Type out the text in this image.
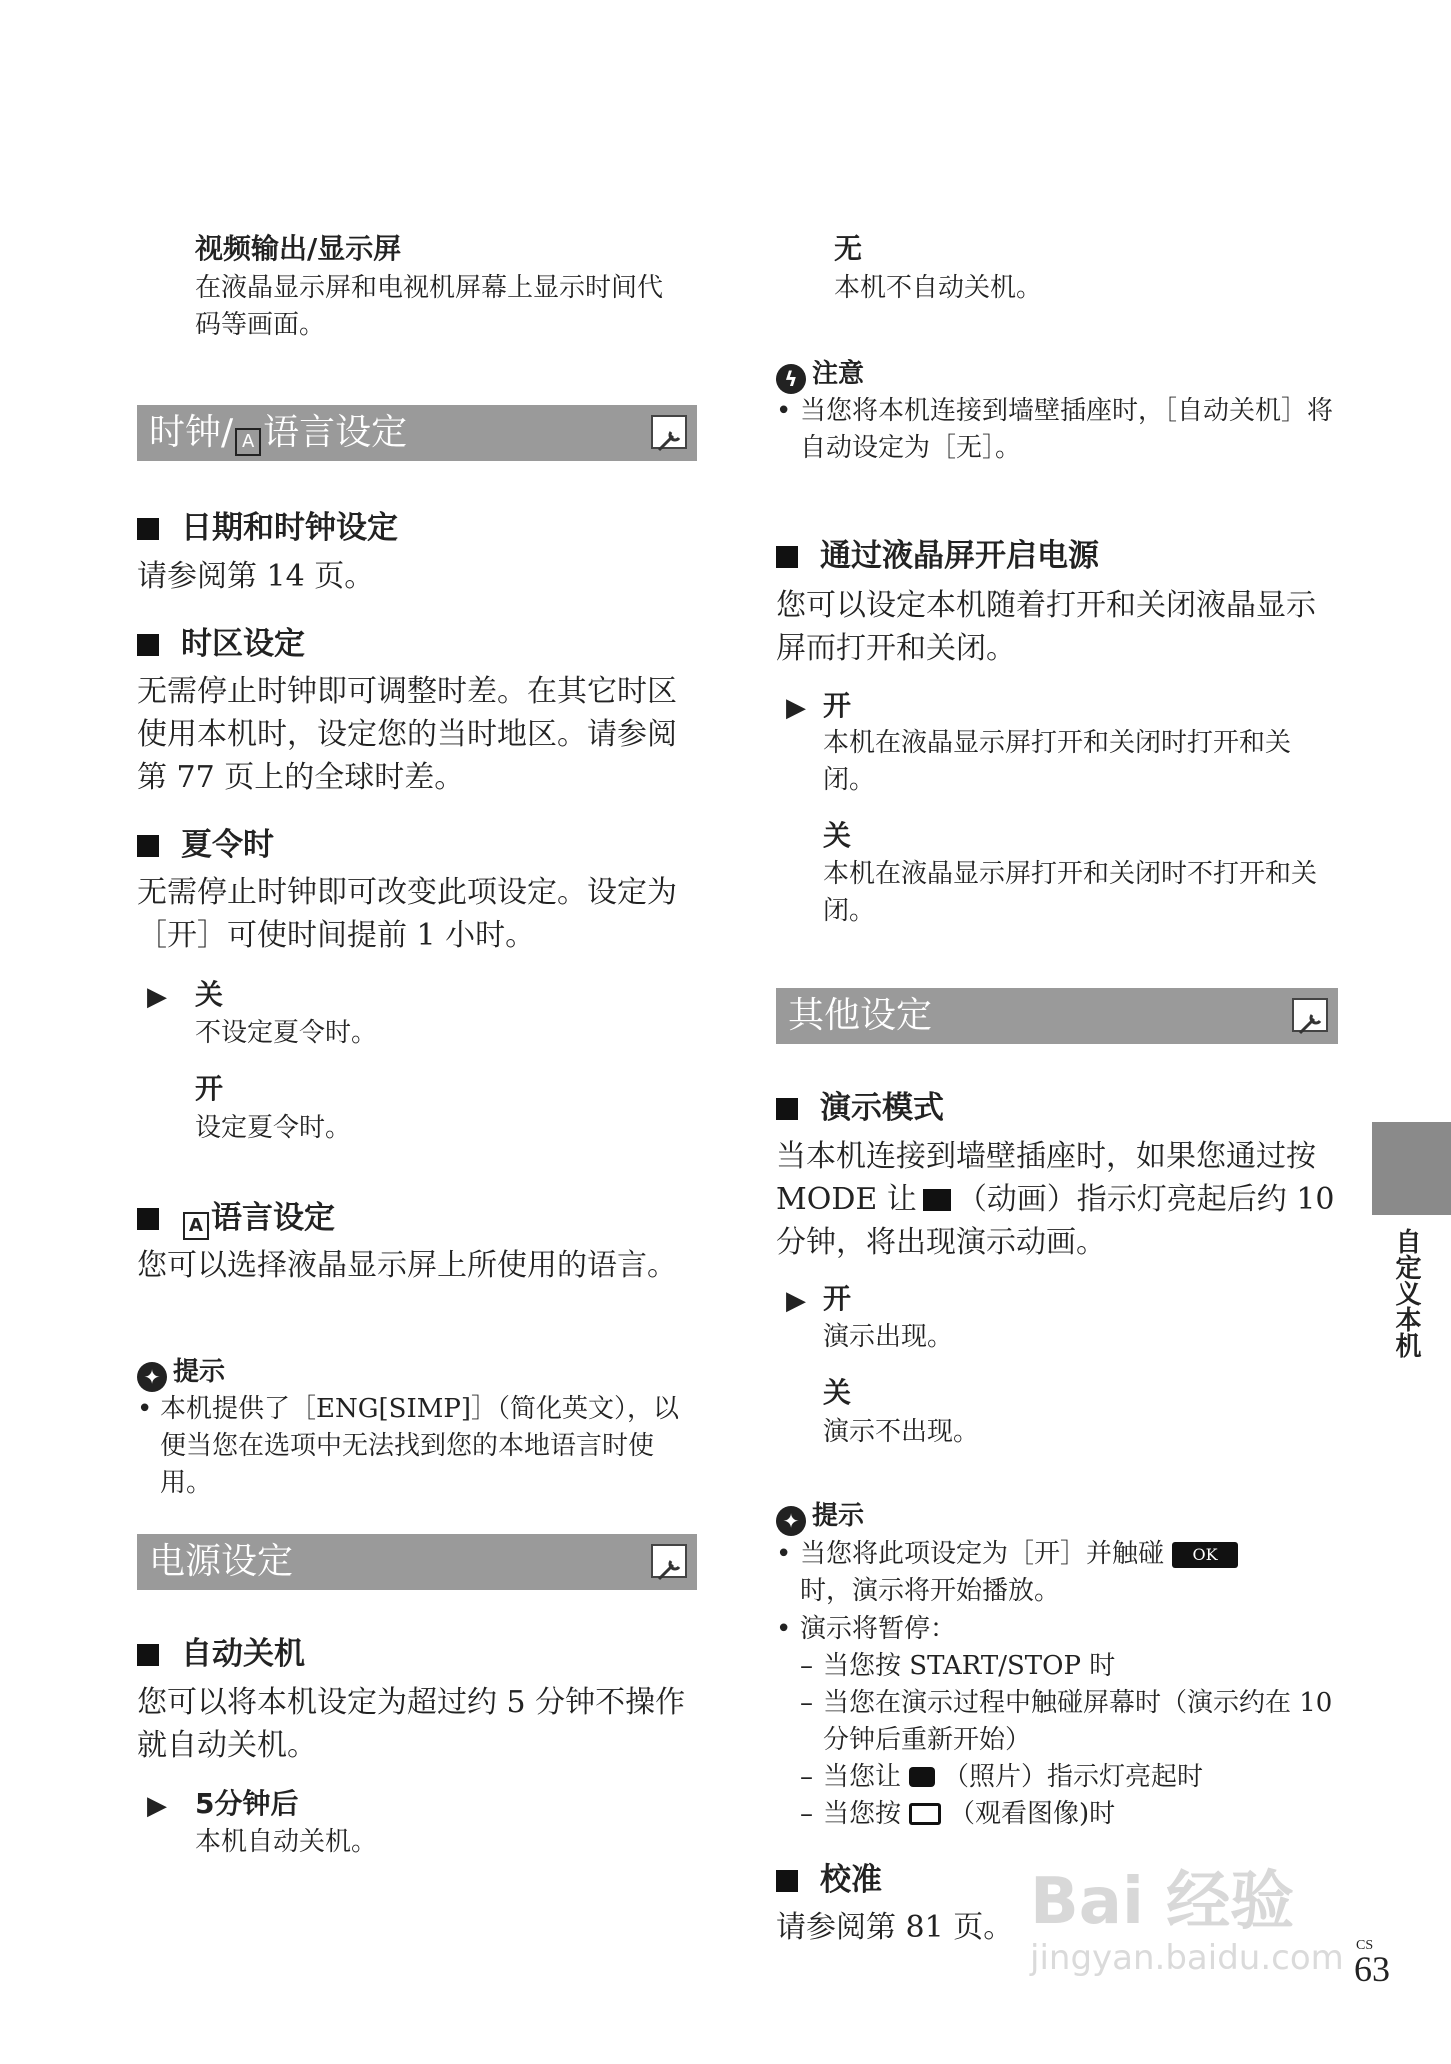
视频输出/显示屏
在液晶显示屏和电视机屏幕上显示时间代码等画面。
时钟/ A 语言设定
日期和时钟设定
请参阅第 14 页。
时区设定
无需停止时钟即可调整时差。在其它时区使用本机时，设定您的当时地区。请参阅第 77 页上的全球时差。
夏令时
无需停止时钟即可改变此项设定。设定为［开］可使时间提前 1 小时。
▶ 关
不设定夏令时。
开
设定夏令时。
A 语言设定
您可以选择液晶显示屏上所使用的语言。
✦ 提示
• 本机提供了［ENG[SIMP]］（简化英文），以便当您在选项中无法找到您的本地语言时使用。
电源设定
自动关机
您可以将本机设定为超过约 5 分钟不操作就自动关机。
▶ 5分钟后
本机自动关机。
无
本机不自动关机。
ϟ 注意
• 当您将本机连接到墙壁插座时，［自动关机］将自动设定为［无］。
通过液晶屏开启电源
您可以设定本机随着打开和关闭液晶显示屏而打开和关闭。
▶ 开
本机在液晶显示屏打开和关闭时打开和关闭。
关
本机在液晶显示屏打开和关闭时不打开和关闭。
其他设定
演示模式
当本机连接到墙壁插座时，如果您通过按 MODE 让 （动画）指示灯亮起后约 10 分钟，将出现演示动画。
▶ 开
演示出现。
关
演示不出现。
✦ 提示
• 当您将此项设定为［开］并触碰 OK
时，演示将开始播放。
• 演示将暂停：
– 当您按 START/STOP 时
– 当您在演示过程中触碰屏幕时（演示约在 10 分钟后重新开始）
– 当您让 （照片）指示灯亮起时
– 当您按 （观看图像)时
校准
请参阅第 81 页。
自定义本机
Bai 经验
jingyan.baidu.com CS
63
